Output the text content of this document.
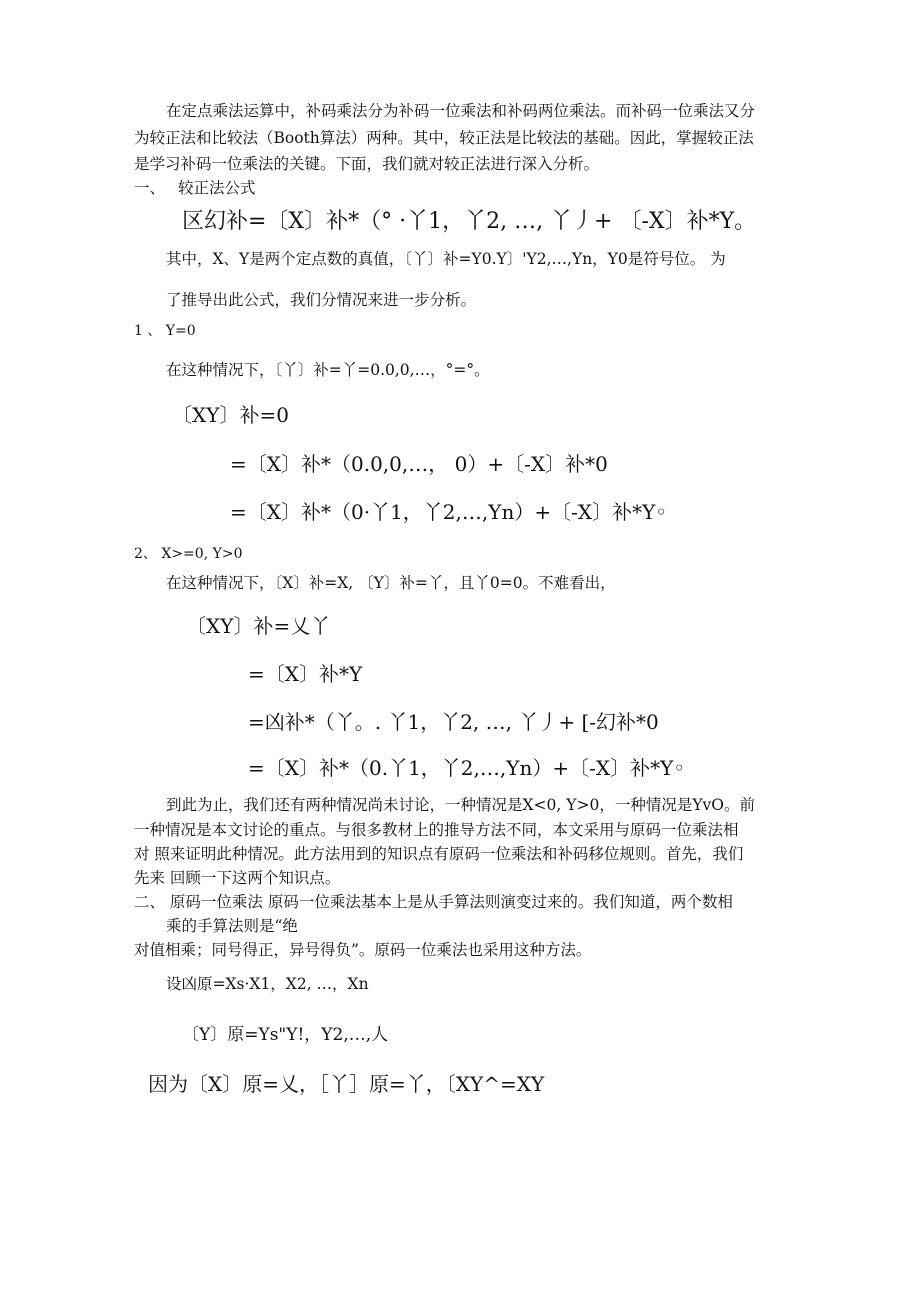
在定点乘法运算中，补码乘法分为补码一位乘法和补码两位乘法。而补码一位乘法又分
为较正法和比较法（Booth算法）两种。其中，较正法是比较法的基础。因此，掌握较正法
是学习补码一位乘法的关键。下面，我们就对较正法进行深入分析。
一、 较正法公式
区幻补=〔X〕补*（° ·丫1，丫2, …, 丫丿+ 〔-X〕补*Y。
其中，X、Y是两个定点数的真值，〔丫〕补=Y0.Y〕'Y2,…,Yn，Y0是符号位。 为
了推导出此公式，我们分情况来进一步分析。
1 、 Y=0
在这种情况下，〔丫〕补=丫=0.0,0,…，°=°。
〔XY〕补=0
=〔X〕补*（0.0,0,…， 0）+〔-X〕补*0
=〔X〕补*（0·丫1，丫2,…,Yn）+〔-X〕补*Y◦
2、 X>=0, Y>0
在这种情况下，〔X〕补=X, 〔Y〕补=丫，且丫0=0。不难看出，
〔XY〕补=乂丫
=〔X〕补*Y
=凶补*（丫。. 丫1，丫2, …, 丫丿+ [-幻补*0
=〔X〕补*（0.丫1，丫2,…,Yn）+〔-X〕补*Y◦
到此为止，我们还有两种情况尚未讨论，一种情况是X<0, Y>0，一种情况是YvO。前
一种情况是本文讨论的重点。与很多教材上的推导方法不同，本文采用与原码一位乘法相
对 照来证明此种情况。此方法用到的知识点有原码一位乘法和补码移位规则。首先，我们
先来 回顾一下这两个知识点。
二、 原码一位乘法 原码一位乘法基本上是从手算法则演变过来的。我们知道，两个数相
乘的手算法则是“绝
对值相乘；同号得正，异号得负”。原码一位乘法也采用这种方法。
设凶原=Xs·X1，X2, …，Xn
〔Y〕原=Ys"Y!，Y2,…,人
因为〔X〕原=乂，［丫］原=丫，〔XY^=XY
